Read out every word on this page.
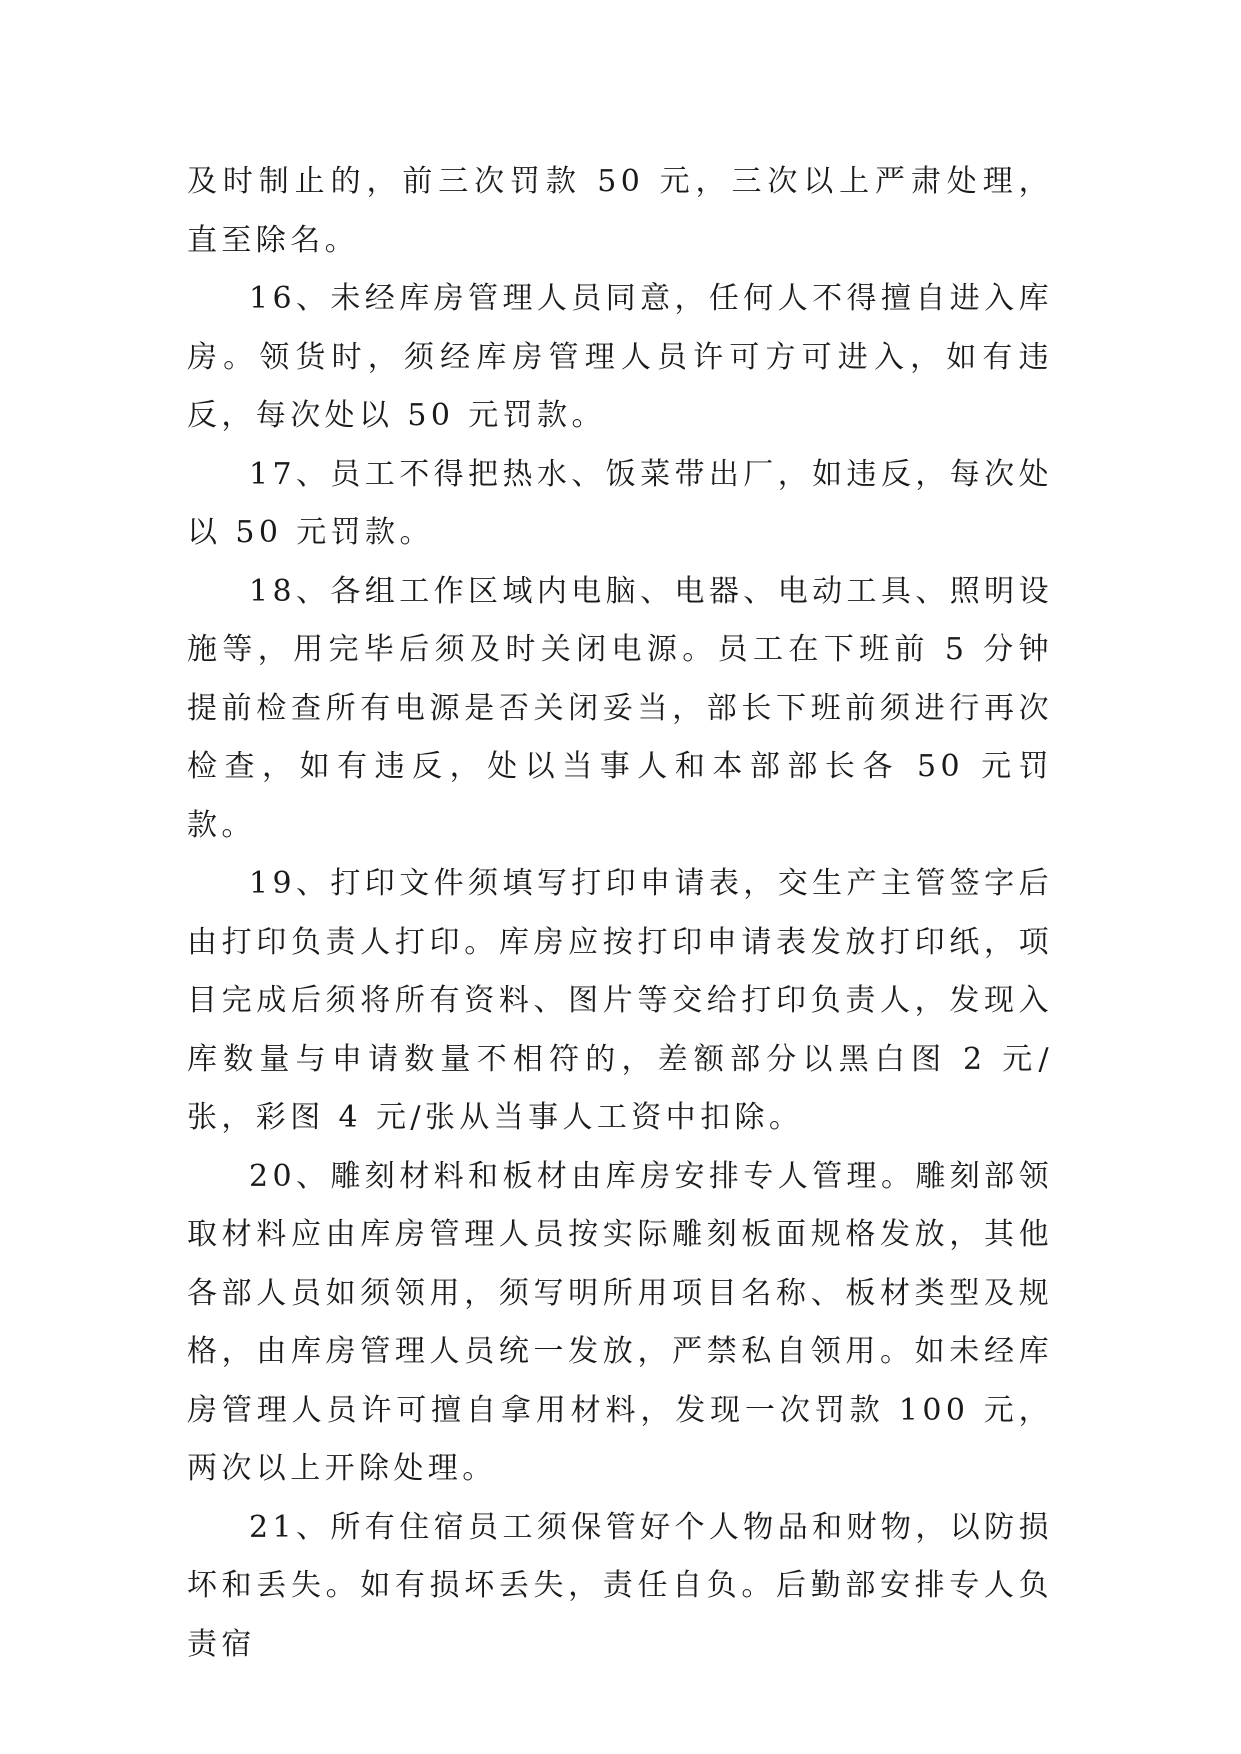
及时制止的，前三次罚款 50 元，三次以上严肃处理，直至除名。

16、未经库房管理人员同意，任何人不得擅自进入库房。领货时，须经库房管理人员许可方可进入，如有违反，每次处以 50 元罚款。

17、员工不得把热水、饭菜带出厂，如违反，每次处以 50 元罚款。

18、各组工作区域内电脑、电器、电动工具、照明设施等，用完毕后须及时关闭电源。员工在下班前 5 分钟提前检查所有电源是否关闭妥当，部长下班前须进行再次检查，如有违反，处以当事人和本部部长各 50 元罚款。

19、打印文件须填写打印申请表，交生产主管签字后由打印负责人打印。库房应按打印申请表发放打印纸，项目完成后须将所有资料、图片等交给打印负责人，发现入库数量与申请数量不相符的，差额部分以黑白图 2 元/张，彩图 4 元/张从当事人工资中扣除。

20、雕刻材料和板材由库房安排专人管理。雕刻部领取材料应由库房管理人员按实际雕刻板面规格发放，其他各部人员如须领用，须写明所用项目名称、板材类型及规格，由库房管理人员统一发放，严禁私自领用。如未经库房管理人员许可擅自拿用材料，发现一次罚款 100 元，两次以上开除处理。

21、所有住宿员工须保管好个人物品和财物，以防损坏和丢失。如有损坏丢失，责任自负。后勤部安排专人负责宿
